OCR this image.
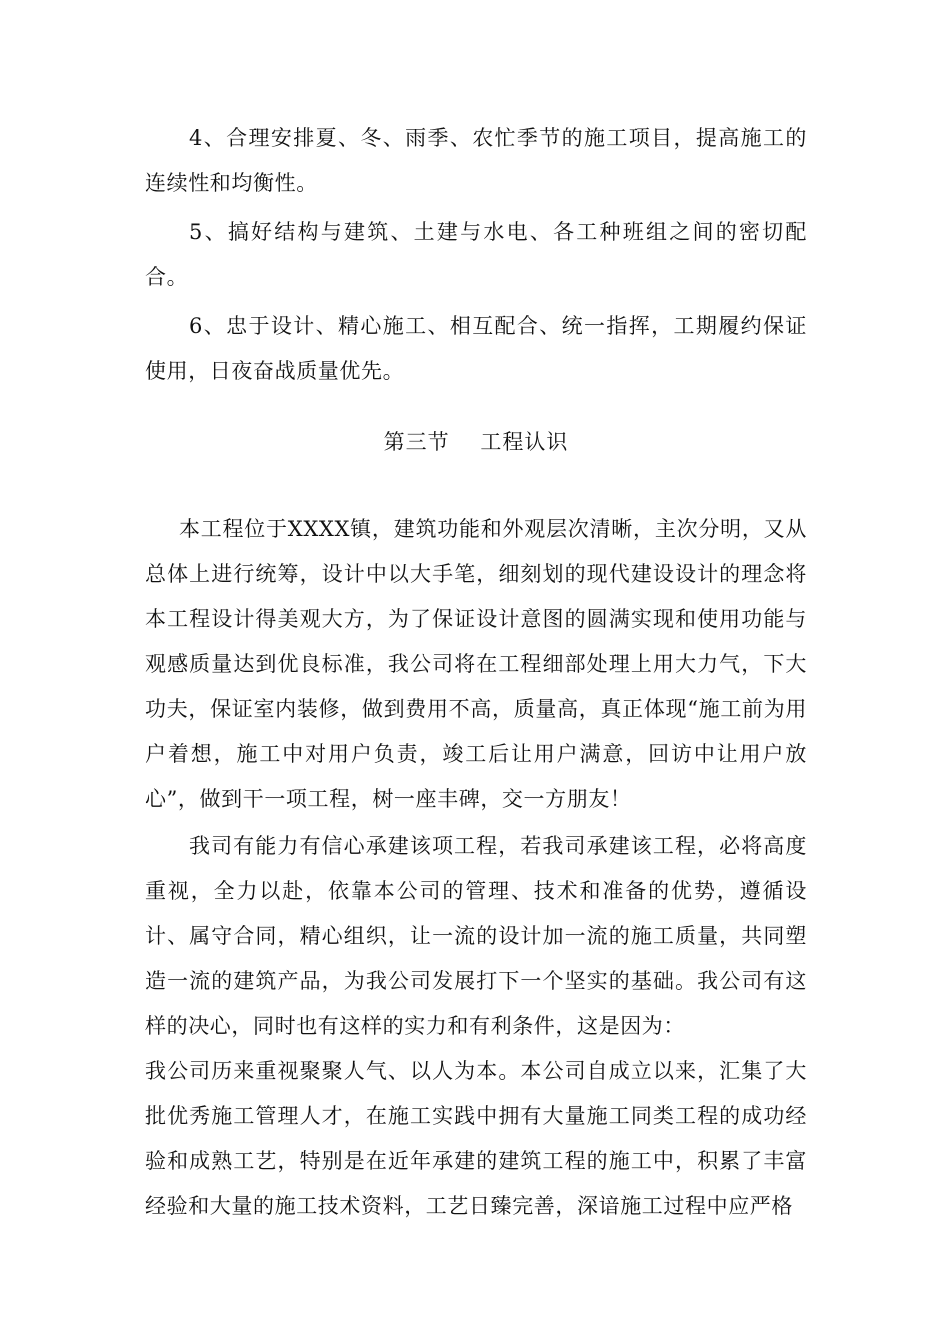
4、合理安排夏、冬、雨季、农忙季节的施工项目，提高施工的连续性和均衡性。

5、搞好结构与建筑、土建与水电、各工种班组之间的密切配合。

6、忠于设计、精心施工、相互配合、统一指挥，工期履约保证使用，日夜奋战质量优先。

第三节    工程认识

本工程位于XXXX镇，建筑功能和外观层次清晰，主次分明，又从总体上进行统筹，设计中以大手笔，细刻划的现代建设设计的理念将本工程设计得美观大方，为了保证设计意图的圆满实现和使用功能与观感质量达到优良标准，我公司将在工程细部处理上用大力气，下大功夫，保证室内装修，做到费用不高，质量高，真正体现“施工前为用户着想，施工中对用户负责，竣工后让用户满意，回访中让用户放心”，做到干一项工程，树一座丰碑，交一方朋友！

我司有能力有信心承建该项工程，若我司承建该工程，必将高度重视，全力以赴，依靠本公司的管理、技术和准备的优势，遵循设计、属守合同，精心组织，让一流的设计加一流的施工质量，共同塑造一流的建筑产品，为我公司发展打下一个坚实的基础。我公司有这样的决心，同时也有这样的实力和有利条件，这是因为：

我公司历来重视聚聚人气、以人为本。本公司自成立以来，汇集了大批优秀施工管理人才，在施工实践中拥有大量施工同类工程的成功经验和成熟工艺，特别是在近年承建的建筑工程的施工中，积累了丰富经验和大量的施工技术资料，工艺日臻完善，深谙施工过程中应严格
